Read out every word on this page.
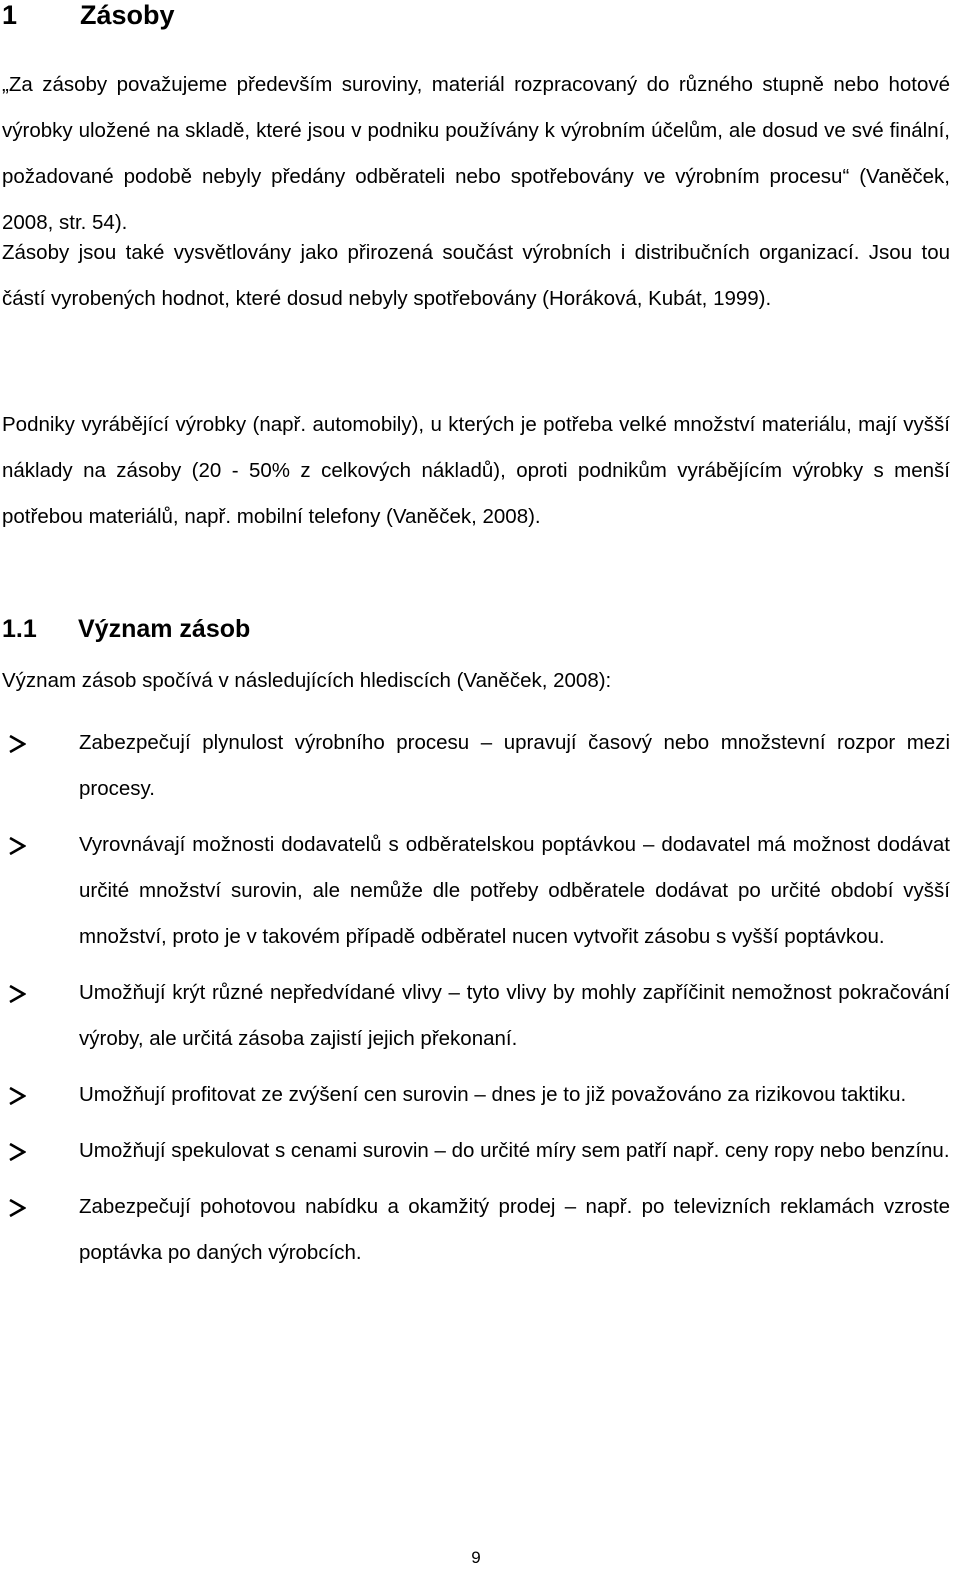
1 Zásoby

„Za zásoby považujeme především suroviny, materiál rozpracovaný do různého stupně nebo hotové výrobky uložené na skladě, které jsou v podniku používány k výrobním účelům, ale dosud ve své finální, požadované podobě nebyly předány odběrateli nebo spotřebovány ve výrobním procesu“ (Vaněček, 2008, str. 54).

Zásoby jsou také vysvětlovány jako přirozená součást výrobních i distribučních organizací. Jsou tou částí vyrobených hodnot, které dosud nebyly spotřebovány (Horáková, Kubát, 1999).

Podniky vyrábějící výrobky (např. automobily), u kterých je potřeba velké množství materiálu, mají vyšší náklady na zásoby (20 - 50% z celkových nákladů), oproti podnikům vyrábějícím výrobky s menší potřebou materiálů, např. mobilní telefony (Vaněček, 2008).

1.1 Význam zásob

Význam zásob spočívá v následujících hlediscích (Vaněček, 2008):

Zabezpečují plynulost výrobního procesu – upravují časový nebo množstevní rozpor mezi procesy.
Vyrovnávají možnosti dodavatelů s odběratelskou poptávkou – dodavatel má možnost dodávat určité množství surovin, ale nemůže dle potřeby odběratele dodávat po určité období vyšší množství, proto je v takovém případě odběratel nucen vytvořit zásobu s vyšší poptávkou.
Umožňují krýt různé nepředvídané vlivy – tyto vlivy by mohly zapříčinit nemožnost pokračování výroby, ale určitá zásoba zajistí jejich překonaní.
Umožňují profitovat ze zvýšení cen surovin – dnes je to již považováno za rizikovou taktiku.
Umožňují spekulovat s cenami surovin – do určité míry sem patří např. ceny ropy nebo benzínu.
Zabezpečují pohotovou nabídku a okamžitý prodej – např. po televizních reklamách vzroste poptávka po daných výrobcích.
9
